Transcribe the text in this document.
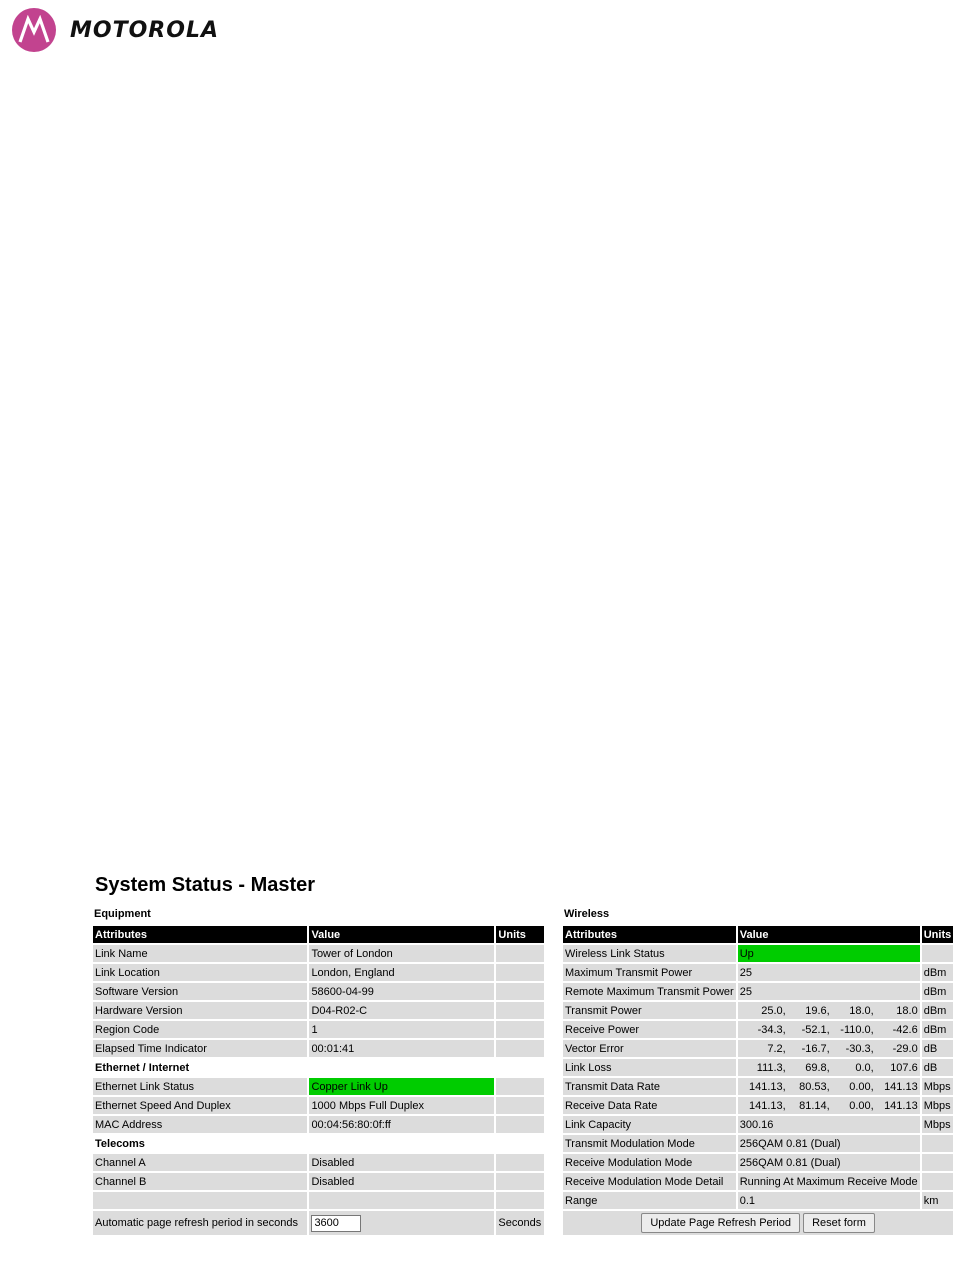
MOTOROLA
System Status - Master
Equipment
Attributes	Value	Units
Link Name	Tower of London	
Link Location	London, England	
Software Version	58600-04-99	
Hardware Version	D04-R02-C	
Region Code	1	
Elapsed Time Indicator	00:01:41	
Ethernet / Internet		
Ethernet Link Status	Copper Link Up	
Ethernet Speed And Duplex	1000 Mbps Full Duplex	
MAC Address	00:04:56:80:0f:ff	
Telecoms		
Channel A	Disabled	
Channel B	Disabled	

Automatic page refresh period in seconds	3600	Seconds
Wireless
Attributes	Value	Units
Wireless Link Status	Up	
Maximum Transmit Power	25	dBm
Remote Maximum Transmit Power	25	dBm
Transmit Power	25.0, 19.6, 18.0, 18.0	dBm
Receive Power	-34.3, -52.1, -110.0, -42.6	dBm
Vector Error	7.2, -16.7, -30.3, -29.0	dB
Link Loss	111.3, 69.8, 0.0, 107.6	dB
Transmit Data Rate	141.13, 80.53, 0.00, 141.13	Mbps
Receive Data Rate	141.13, 81.14, 0.00, 141.13	Mbps
Link Capacity	300.16	Mbps
Transmit Modulation Mode	256QAM 0.81 (Dual)	
Receive Modulation Mode	256QAM 0.81 (Dual)	
Receive Modulation Mode Detail	Running At Maximum Receive Mode	
Range	0.1	km
Update Page Refresh Period Reset form		
